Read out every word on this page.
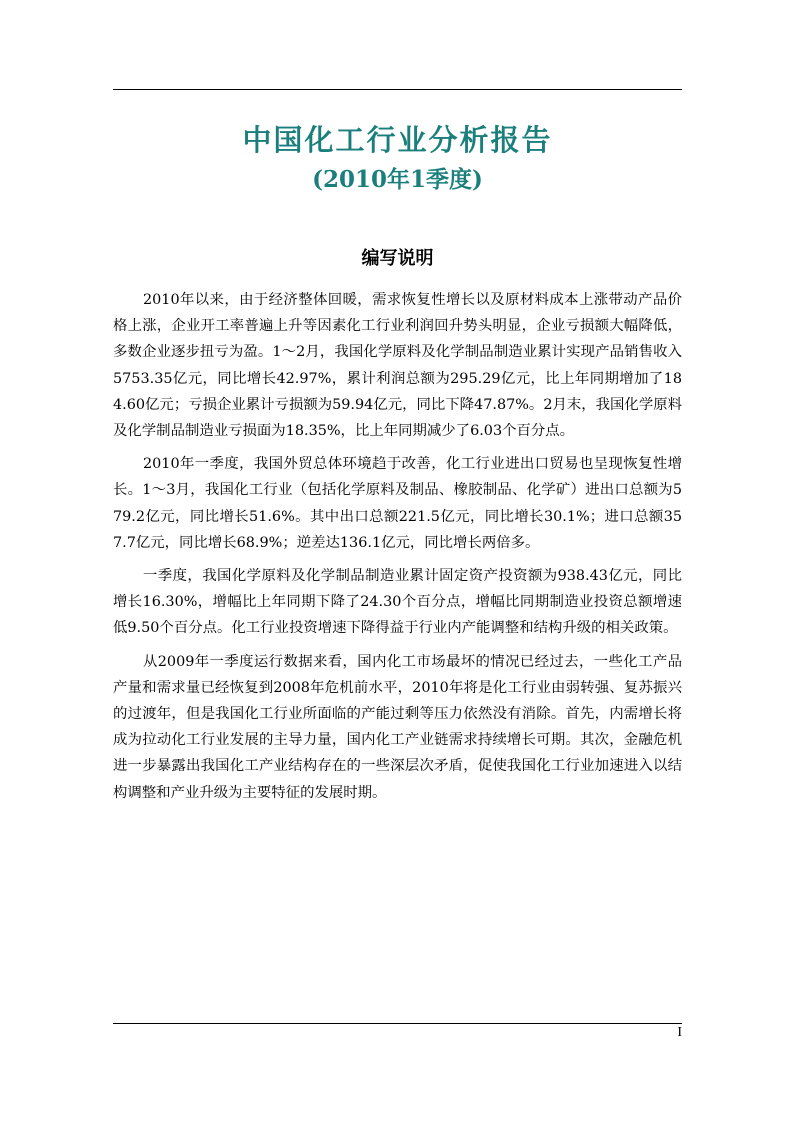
中国化工行业分析报告
(2010年1季度)
编写说明

2010年以来，由于经济整体回暖，需求恢复性增长以及原材料成本上涨带动产品价格上涨，企业开工率普遍上升等因素化工行业利润回升势头明显，企业亏损额大幅降低，多数企业逐步扭亏为盈。1～2月，我国化学原料及化学制品制造业累计实现产品销售收入5753.35亿元，同比增长42.97%，累计利润总额为295.29亿元，比上年同期增加了184.60亿元；亏损企业累计亏损额为59.94亿元，同比下降47.87%。2月末，我国化学原料及化学制品制造业亏损面为18.35%，比上年同期减少了6.03个百分点。

2010年一季度，我国外贸总体环境趋于改善，化工行业进出口贸易也呈现恢复性增长。1～3月，我国化工行业（包括化学原料及制品、橡胶制品、化学矿）进出口总额为579.2亿元，同比增长51.6%。其中出口总额221.5亿元，同比增长30.1%；进口总额357.7亿元，同比增长68.9%；逆差达136.1亿元，同比增长两倍多。

一季度，我国化学原料及化学制品制造业累计固定资产投资额为938.43亿元，同比增长16.30%，增幅比上年同期下降了24.30个百分点，增幅比同期制造业投资总额增速低9.50个百分点。化工行业投资增速下降得益于行业内产能调整和结构升级的相关政策。

从2009年一季度运行数据来看，国内化工市场最坏的情况已经过去，一些化工产品产量和需求量已经恢复到2008年危机前水平，2010年将是化工行业由弱转强、复苏振兴的过渡年，但是我国化工行业所面临的产能过剩等压力依然没有消除。首先，内需增长将成为拉动化工行业发展的主导力量，国内化工产业链需求持续增长可期。其次，金融危机进一步暴露出我国化工产业结构存在的一些深层次矛盾，促使我国化工行业加速进入以结构调整和产业升级为主要特征的发展时期。

I
